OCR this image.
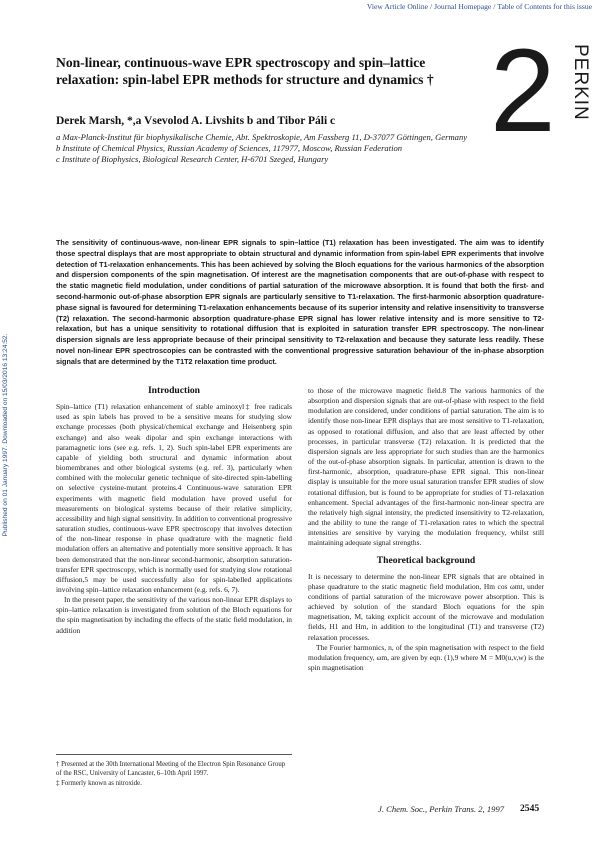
View Article Online / Journal Homepage / Table of Contents for this issue
Published on 01 January 1997. Downloaded on 15/03/2016 13:24:52.
2 PERKIN
Non-linear, continuous-wave EPR spectroscopy and spin–lattice relaxation: spin-label EPR methods for structure and dynamics †
Derek Marsh, *,a Vsevolod A. Livshits b and Tibor Páli c
a Max-Planck-Institut für biophysikalische Chemie, Abt. Spektroskopie, Am Fassberg 11, D-37077 Göttingen, Germany
b Institute of Chemical Physics, Russian Academy of Sciences, 117977, Moscow, Russian Federation
c Institute of Biophysics, Biological Research Center, H-6701 Szeged, Hungary
The sensitivity of continuous-wave, non-linear EPR signals to spin–lattice (T1) relaxation has been investigated. The aim was to identify those spectral displays that are most appropriate to obtain structural and dynamic information from spin-label EPR experiments that involve detection of T1-relaxation enhancements. This has been achieved by solving the Bloch equations for the various harmonics of the absorption and dispersion components of the spin magnetisation. Of interest are the magnetisation components that are out-of-phase with respect to the static magnetic field modulation, under conditions of partial saturation of the microwave absorption. It is found that both the first- and second-harmonic out-of-phase absorption EPR signals are particularly sensitive to T1-relaxation. The first-harmonic absorption quadrature-phase signal is favoured for determining T1-relaxation enhancements because of its superior intensity and relative insensitivity to transverse (T2) relaxation. The second-harmonic absorption quadrature-phase EPR signal has lower relative intensity and is more sensitive to T2-relaxation, but has a unique sensitivity to rotational diffusion that is exploited in saturation transfer EPR spectroscopy. The non-linear dispersion signals are less appropriate because of their principal sensitivity to T2-relaxation and because they saturate less readily. These novel non-linear EPR spectroscopies can be contrasted with the conventional progressive saturation behaviour of the in-phase absorption signals that are determined by the T1T2 relaxation time product.
Introduction

Spin–lattice (T1) relaxation enhancement of stable aminoxyl‡ free radicals used as spin labels has proved to be a sensitive means for studying slow exchange processes (both physical/chemical exchange and Heisenberg spin exchange) and also weak dipolar and spin exchange interactions with paramagnetic ions (see e.g. refs. 1, 2). Such spin-label EPR experiments are capable of yielding both structural and dynamic information about biomembranes and other biological systems (e.g. ref. 3), particularly when combined with the molecular genetic technique of site-directed spin-labelling on selective cysteine-mutant proteins.4 Continuous-wave saturation EPR experiments with magnetic field modulation have proved useful for measurements on biological systems because of their relative simplicity, accessibility and high signal sensitivity. In addition to conventional progressive saturation studies, continuous-wave EPR spectroscopy that involves detection of the non-linear response in phase quadrature with the magnetic field modulation offers an alternative and potentially more sensitive approach. It has been demonstrated that the non-linear second-harmonic, absorption saturation-transfer EPR spectroscopy, which is normally used for studying slow rotational diffusion,5 may be used successfully also for spin-labelled applications involving spin–lattice relaxation enhancement (e.g. refs. 6, 7).

In the present paper, the sensitivity of the various non-linear EPR displays to spin–lattice relaxation is investigated from solution of the Bloch equations for the spin magnetisation by including the effects of the static field modulation, in addition

to those of the microwave magnetic field.8 The various harmonics of the absorption and dispersion signals that are out-of-phase with respect to the field modulation are considered, under conditions of partial saturation. The aim is to identify those non-linear EPR displays that are most sensitive to T1-relaxation, as opposed to rotational diffusion, and also that are least affected by other processes, in particular transverse (T2) relaxation. It is predicted that the dispersion signals are less appropriate for such studies than are the harmonics of the out-of-phase absorption signals. In particular, attention is drawn to the first-harmonic, absorption, quadrature-phase EPR signal. This non-linear display is unsuitable for the more usual saturation transfer EPR studies of slow rotational diffusion, but is found to be appropriate for studies of T1-relaxation enhancement. Special advantages of the first-harmonic non-linear spectra are the relatively high signal intensity, the predicted insensitivity to T2-relaxation, and the ability to tune the range of T1-relaxation rates to which the spectral intensities are sensitive by varying the modulation frequency, whilst still maintaining adequate signal strengths.

Theoretical background

It is necessary to determine the non-linear EPR signals that are obtained in phase quadrature to the static magnetic field modulation, Hm cos ωmt, under conditions of partial saturation of the microwave power absorption. This is achieved by solution of the standard Bloch equations for the spin magnetisation, M, taking explicit account of the microwave and modulation fields, H1 and Hm, in addition to the longitudinal (T1) and transverse (T2) relaxation processes.

The Fourier harmonics, n, of the spin magnetisation with respect to the field modulation frequency, ωm, are given by eqn. (1),9 where M = M0(u,v,w) is the spin magnetisation

† Presented at the 30th International Meeting of the Electron Spin Resonance Group of the RSC, University of Lancaster, 6–10th April 1997.
‡ Formerly known as nitroxide.
J. Chem. Soc., Perkin Trans. 2, 1997 2545
